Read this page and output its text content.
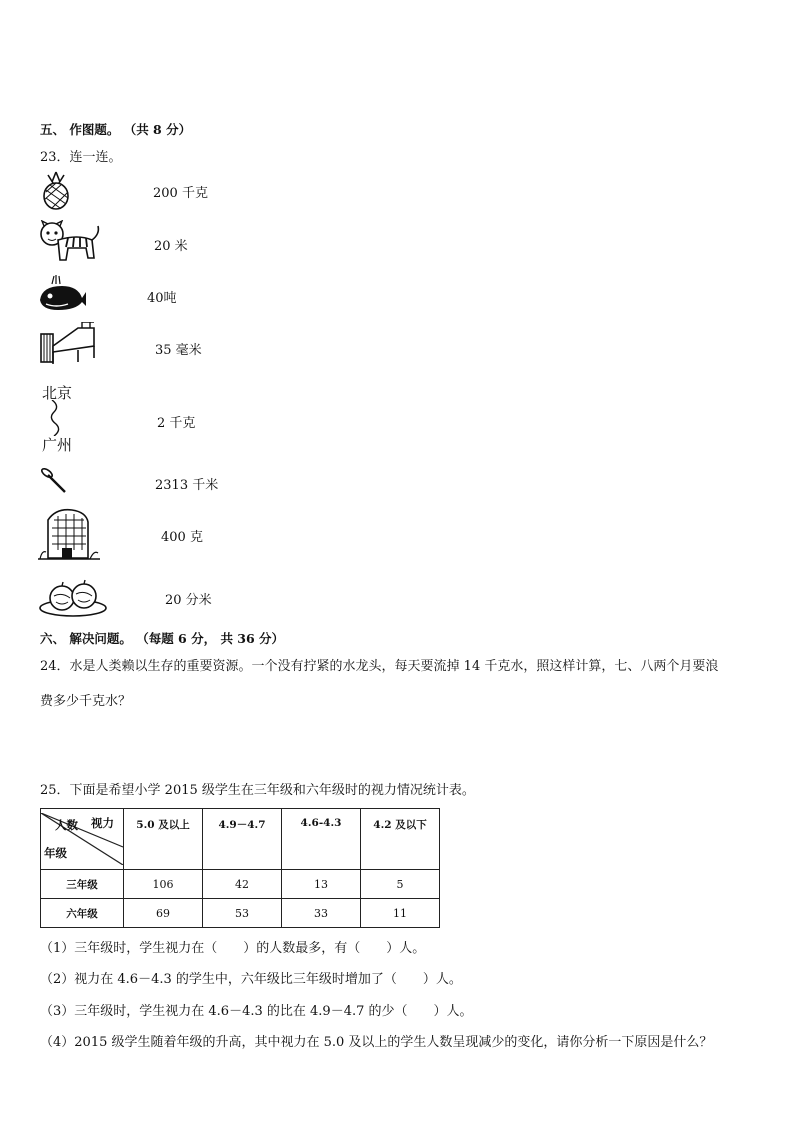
五、 作图题。 （共 8 分）
23．连一连。
200 千克
20 米
40吨
35 毫米
北京
广州
2 千克
2313 千米
400 克
20 分米
六、 解决问题。 （每题 6 分， 共 36 分）
24．水是人类赖以生存的重要资源。一个没有拧紧的水龙头，每天要流掉 14 千克水，照这样计算，七、八两个月要浪
费多少千克水？
25．下面是希望小学 2015 级学生在三年级和六年级时的视力情况统计表。
人数 视力
年级	5.0 及以上	4.9－4.7	4.6-4.3	4.2 及以下
三年级	106	42	13	5
六年级	69	53	33	11
（1）三年级时，学生视力在（　　）的人数最多，有（　　）人。
（2）视力在 4.6－4.3 的学生中，六年级比三年级时增加了（　　）人。
（3）三年级时，学生视力在 4.6－4.3 的比在 4.9－4.7 的少（　　）人。
（4）2015 级学生随着年级的升高，其中视力在 5.0 及以上的学生人数呈现减少的变化，请你分析一下原因是什么？
